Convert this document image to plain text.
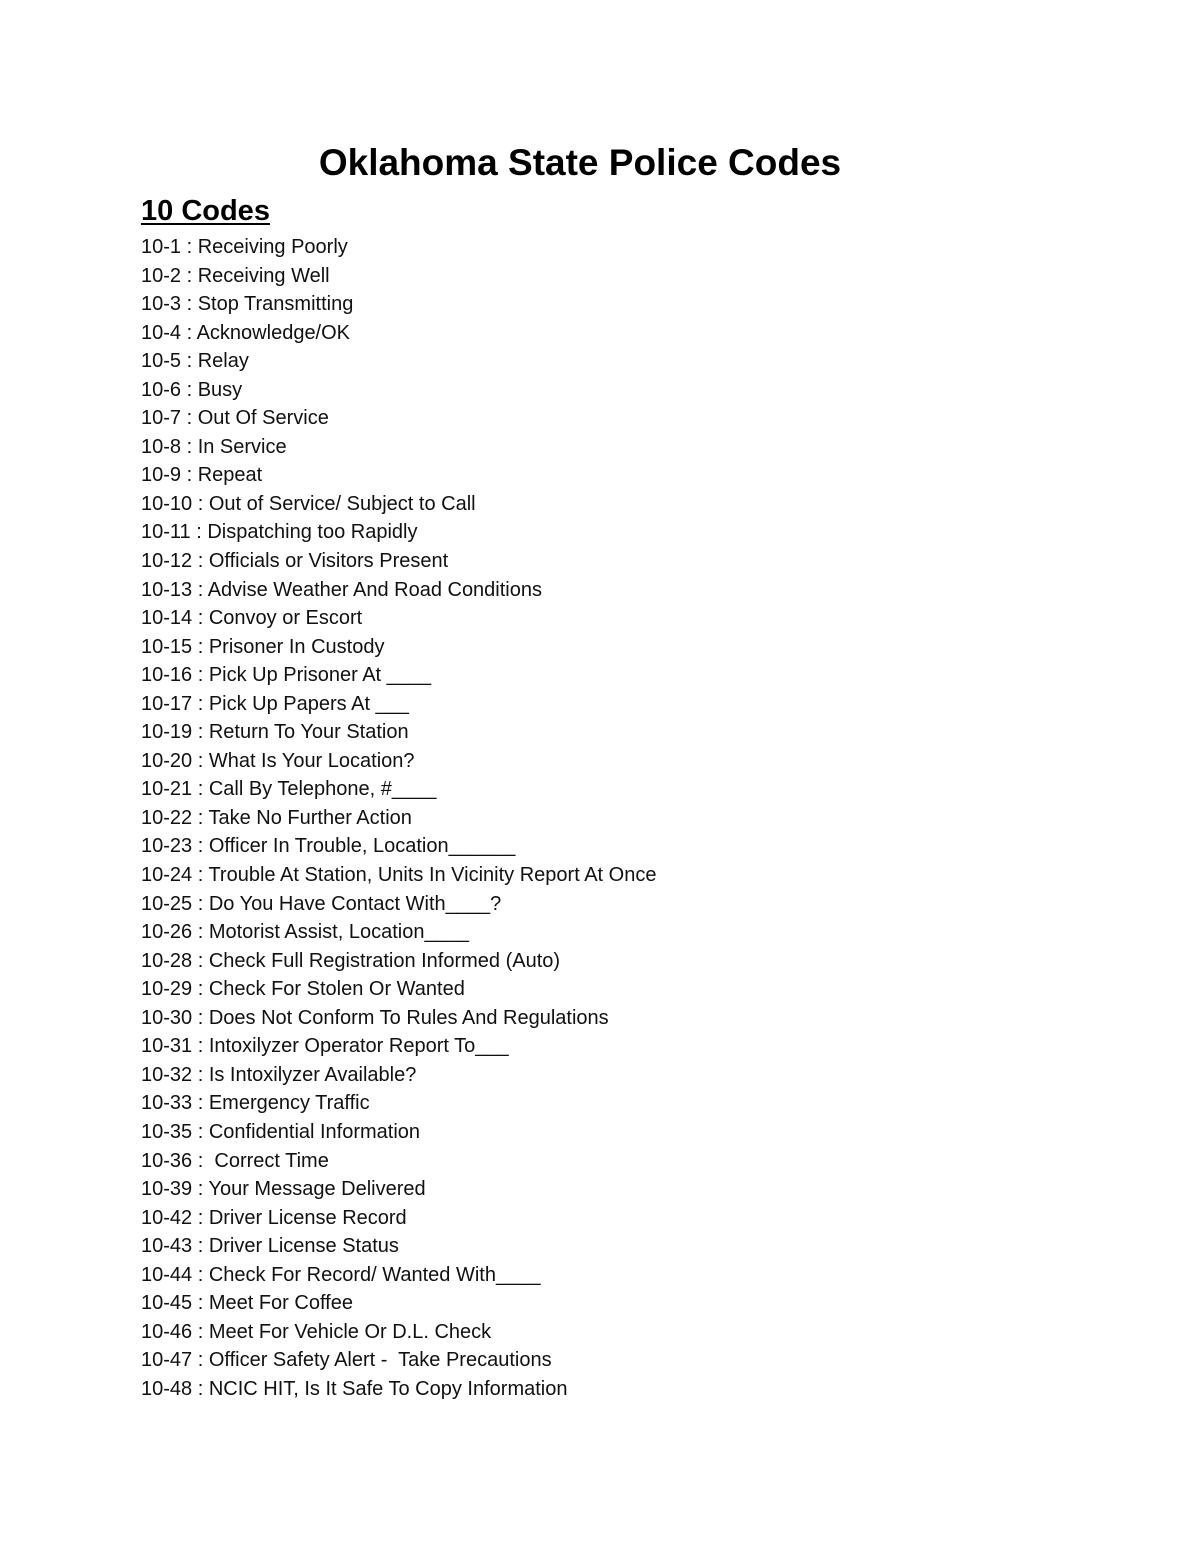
Oklahoma State Police Codes
10 Codes
10-1 : Receiving Poorly
10-2 : Receiving Well
10-3 : Stop Transmitting
10-4 : Acknowledge/OK
10-5 : Relay
10-6 : Busy
10-7 : Out Of Service
10-8 : In Service
10-9 : Repeat
10-10 : Out of Service/ Subject to Call
10-11 : Dispatching too Rapidly
10-12 : Officials or Visitors Present
10-13 : Advise Weather And Road Conditions
10-14 : Convoy or Escort
10-15 : Prisoner In Custody
10-16 : Pick Up Prisoner At ____
10-17 : Pick Up Papers At ___
10-19 : Return To Your Station
10-20 : What Is Your Location?
10-21 : Call By Telephone, #____
10-22 : Take No Further Action
10-23 : Officer In Trouble, Location______
10-24 : Trouble At Station, Units In Vicinity Report At Once
10-25 : Do You Have Contact With____?
10-26 : Motorist Assist, Location____
10-28 : Check Full Registration Informed (Auto)
10-29 : Check For Stolen Or Wanted
10-30 : Does Not Conform To Rules And Regulations
10-31 : Intoxilyzer Operator Report To___
10-32 : Is Intoxilyzer Available?
10-33 : Emergency Traffic
10-35 : Confidential Information
10-36 :  Correct Time
10-39 : Your Message Delivered
10-42 : Driver License Record
10-43 : Driver License Status
10-44 : Check For Record/ Wanted With____
10-45 : Meet For Coffee
10-46 : Meet For Vehicle Or D.L. Check
10-47 : Officer Safety Alert -  Take Precautions
10-48 : NCIC HIT, Is It Safe To Copy Information
